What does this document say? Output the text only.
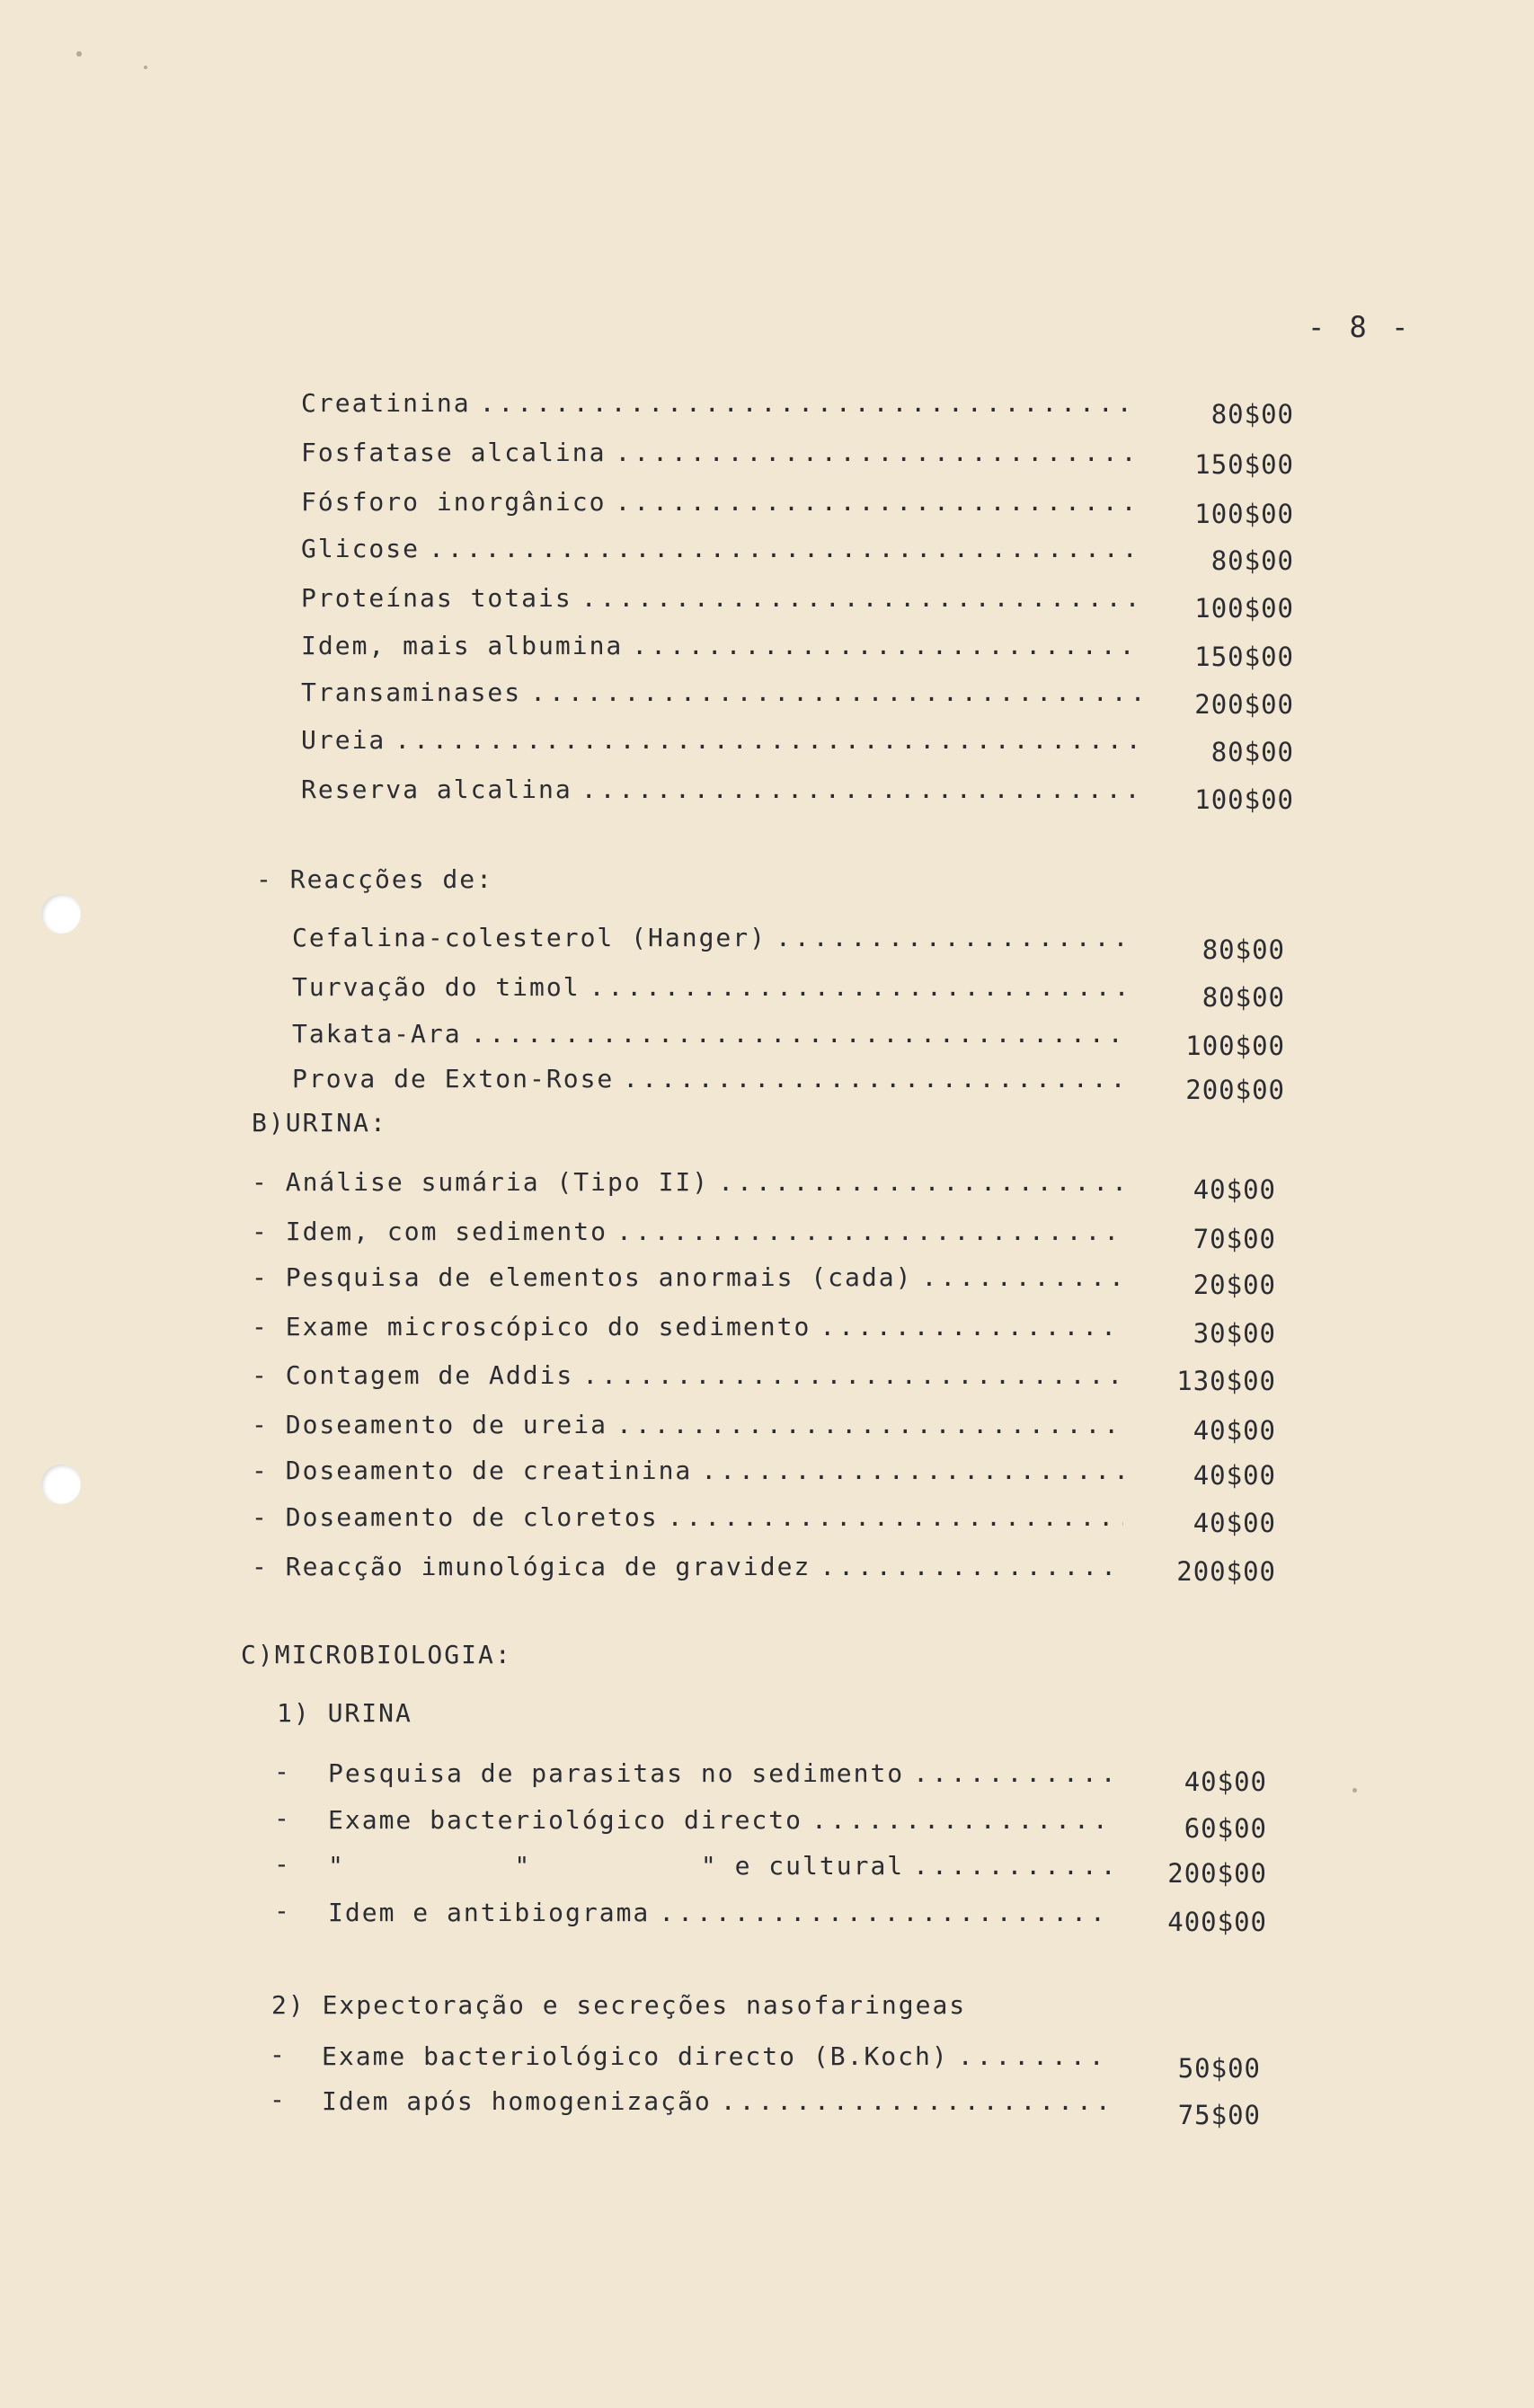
- 8 -
Creatinina .....	80$00
Fosfatase alcalina .....	150$00
Fósforo inorgânico .....	100$00
Glicose .....	80$00
Proteínas totais .....	100$00
Idem, mais albumina .....	150$00
Transaminases .....	200$00
Ureia .....	80$00
Reserva alcalina .....	100$00
- Reacções de:
Cefalina-colesterol (Hanger) .....	80$00
Turvação do timol .....	80$00
Takata-Ara .....	100$00
Prova de Exton-Rose .....	200$00
B)URINA:
- Análise sumária (Tipo II) .....	40$00
- Idem, com sedimento .....	70$00
- Pesquisa de elementos anormais (cada) .....	20$00
- Exame microscópico do sedimento .....	30$00
- Contagem de Addis .....	130$00
- Doseamento de ureia .....	40$00
- Doseamento de creatinina .....	40$00
- Doseamento de cloretos .....	40$00
- Reacção imunológica de gravidez .....	200$00
C)MICROBIOLOGIA:
1) URINA
- Pesquisa de parasitas no sedimento .....	40$00
- Exame bacteriológico directo .....	60$00
- "          "          " e cultural .....	200$00
- Idem e antibiograma .....	400$00
2) Expectoração e secreções nasofaringeas
- Exame bacteriológico directo (B.Koch) .....	50$00
- Idem após homogenização .....	75$00
